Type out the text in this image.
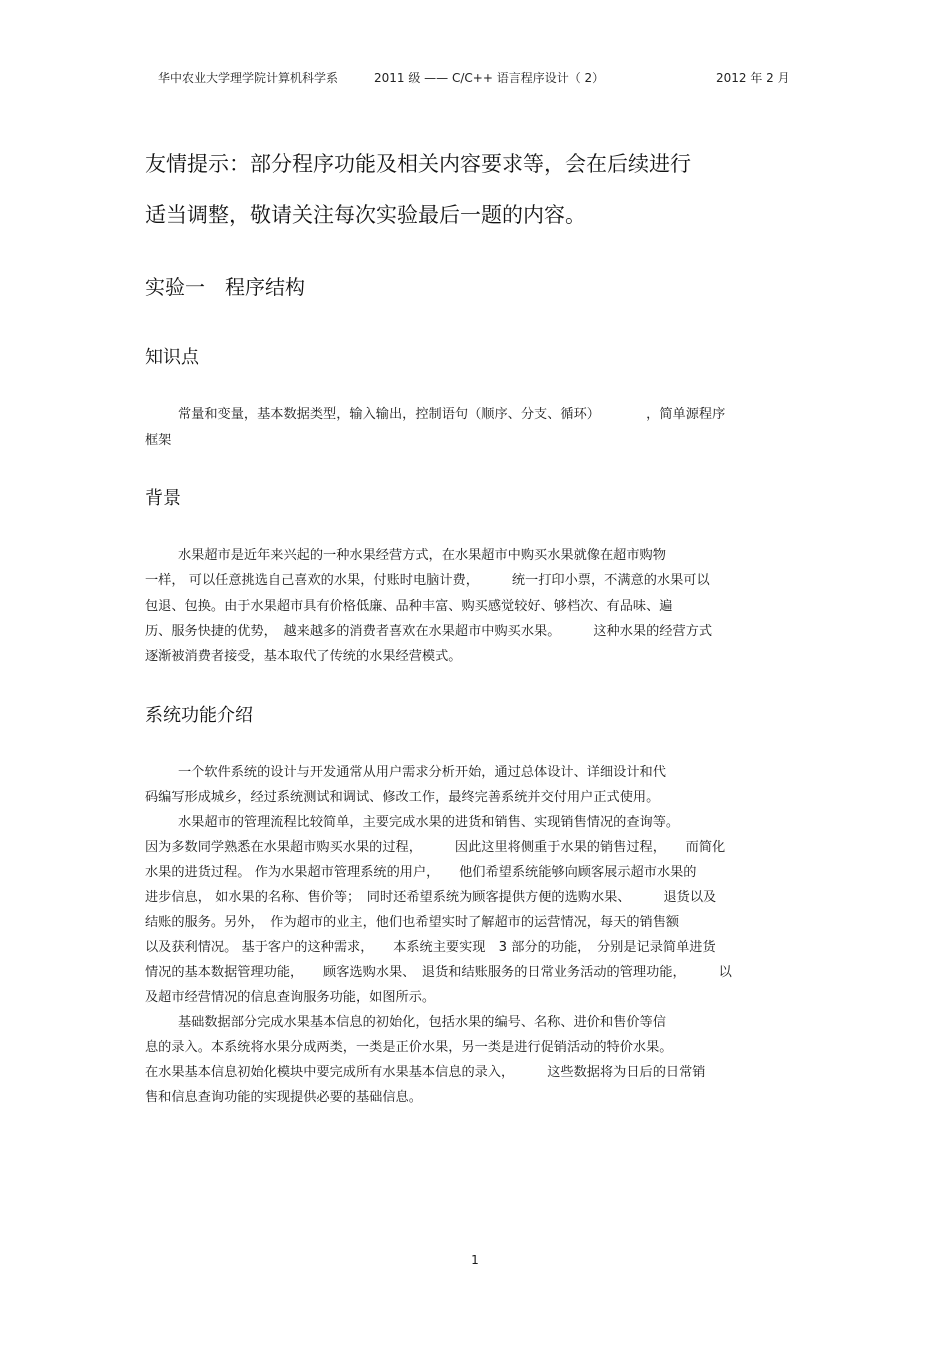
华中农业大学理学院计算机科学系	2011 级 —— C/C++ 语言程序设计（ 2）	2012 年 2 月
友情提示：部分程序功能及相关内容要求等，会在后续进行
适当调整，敬请关注每次实验最后一题的内容。
实验一　程序结构
知识点
常量和变量，基本数据类型，输入输出，控制语句（顺序、分支、循环）　　　　，简单源程序
框架
背景
水果超市是近年来兴起的一种水果经营方式，在水果超市中购买水果就像在超市购物
一样， 可以任意挑选自己喜欢的水果，付账时电脑计费，　　　统一打印小票，不满意的水果可以
包退、包换。由于水果超市具有价格低廉、品种丰富、购买感觉较好、够档次、有品味、遍
历、服务快捷的优势，　越来越多的消费者喜欢在水果超市中购买水果。　　　这种水果的经营方式
逐渐被消费者接受，基本取代了传统的水果经营模式。
系统功能介绍
一个软件系统的设计与开发通常从用户需求分析开始，通过总体设计、详细设计和代
码编写形成城乡，经过系统测试和调试、修改工作，最终完善系统并交付用户正式使用。
水果超市的管理流程比较简单，主要完成水果的进货和销售、实现销售情况的查询等。
因为多数同学熟悉在水果超市购买水果的过程，　　　因此这里将侧重于水果的销售过程，　　而简化
水果的进货过程。 作为水果超市管理系统的用户，　　他们希望系统能够向顾客展示超市水果的
进步信息， 如水果的名称、售价等；　同时还希望系统为顾客提供方便的选购水果、　　　退货以及
结账的服务。另外，　作为超市的业主，他们也希望实时了解超市的运营情况，每天的销售额
以及获利情况。 基于客户的这种需求，　　本系统主要实现　3 部分的功能，　分别是记录简单进货
情况的基本数据管理功能，　　顾客选购水果、　退货和结账服务的日常业务活动的管理功能，　　　以
及超市经营情况的信息查询服务功能，如图所示。
基础数据部分完成水果基本信息的初始化，包括水果的编号、名称、进价和售价等信
息的录入。本系统将水果分成两类，一类是正价水果，另一类是进行促销活动的特价水果。
在水果基本信息初始化模块中要完成所有水果基本信息的录入，　　　这些数据将为日后的日常销
售和信息查询功能的实现提供必要的基础信息。
1
